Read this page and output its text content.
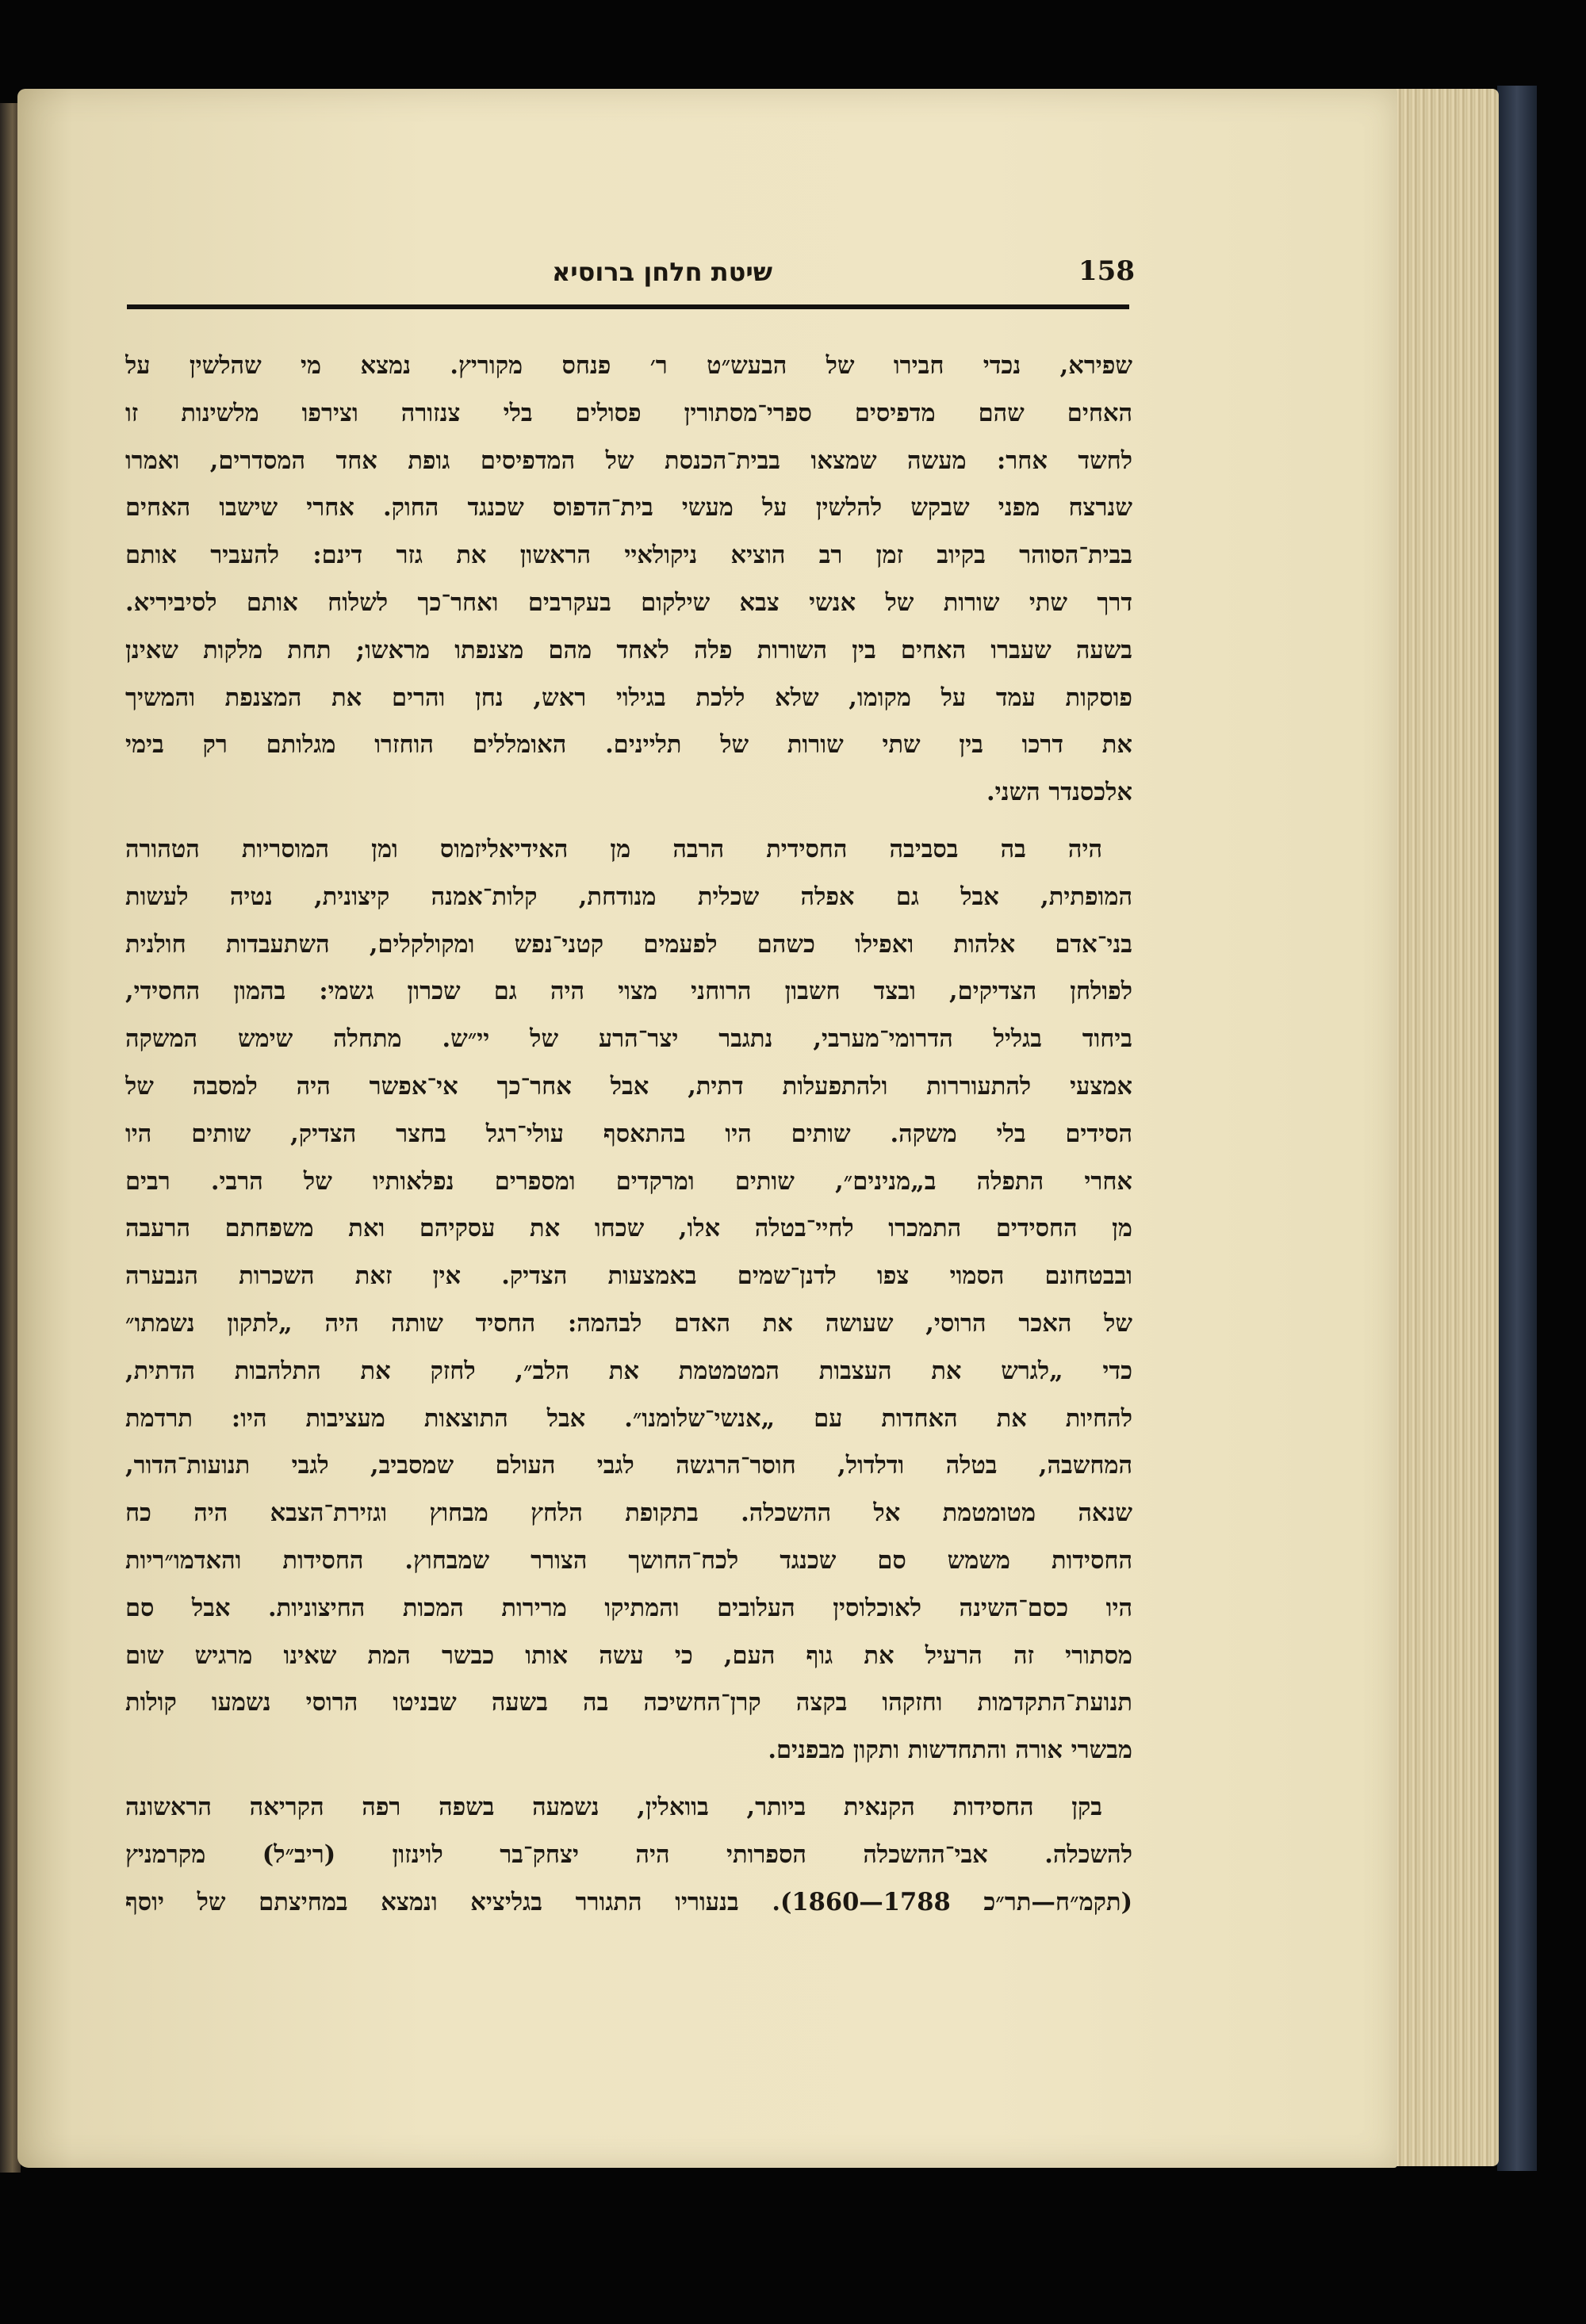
158
שיטת חלחן ברוסיא
שפירא, נכדי חבירו של הבעש״ט ר׳ פנחס מקוריץ. נמצא מי שהלשין על
האחים שהם מדפיסים ספרי־מסתורין פסולים בלי צנזורה וצירפו מלשינות זו
לחשד אחר: מעשה שמצאו בבית־הכנסת של המדפיסים גופת אחד המסדרים, ואמרו
שנרצח מפני שבקש להלשין על מעשי בית־הדפוס שכנגד החוק. אחרי שישבו האחים
בבית־הסוהר בקיוב זמן רב הוציא ניקולאיי הראשון את גזר דינם: להעביר אותם
דרך שתי שורות של אנשי צבא שילקום בעקרבים ואחר־כך לשלוח אותם לסיביריא.
בשעה שעברו האחים בין השורות פלה לאחד מהם מצנפתו מראשו; תחת מלקות שאינן
פוסקות עמד על מקומו, שלא ללכת בגילוי ראש, נחן והרים את המצנפת והמשיך
את דרכו בין שתי שורות של תליינים. האומללים הוחזרו מגלותם רק בימי
אלכסנדר השני.
היה בה בסביבה החסידית הרבה מן האידיאליזמוס ומן המוסריות הטהורה
המופתית, אבל גם אפלה שכלית מנודחת, קלות־אמנה קיצונית, נטיה לעשות
בני־אדם אלהות ואפילו כשהם לפעמים קטני־נפש ומקולקלים, השתעבדות חולנית
לפולחן הצדיקים, ובצד חשבון הרוחני מצוי היה גם שכרון גשמי: בהמון החסידי,
ביחוד בגליל הדרומי־מערבי, נתגבר יצר־הרע של יי״ש. מתחלה שימש המשקה
אמצעי להתעוררות ולהתפעלות דתית, אבל אחר־כך אי־אפשר היה למסבה של
הסידים בלי משקה. שותים היו בהתאסף עולי־רגל בחצר הצדיק, שותים היו
אחרי התפלה ב„מנינים״, שותים ומרקדים ומספרים נפלאותיו של הרבי. רבים
מן החסידים התמכרו לחיי־בטלה אלו, שכחו את עסקיהם ואת משפחתם הרעבה
ובבטחונם הסמוי צפו לדנן־שמים באמצעות הצדיק. אין זאת השכרות הנבערה
של האכר הרוסי, שעושה את האדם לבהמה: החסיד שותה היה „לתקון נשמתו״
כדי „לגרש את העצבות המטמטמת את הלב״, לחזק את התלהבות הדתית,
להחיות את האחדות עם „אנשי־שלומנו״. אבל התוצאות מעציבות היו: תרדמת
המחשבה, בטלה ודלדול, חוסר־הרגשה לגבי העולם שמסביב, לגבי תנועות־הדור,
שנאה מטומטמת אל ההשכלה. בתקופת הלחץ מבחוץ וגזירת־הצבא היה כח
החסידות משמש סם שכנגד לכח־החושך הצורר שמבחוץ. החסידות והאדמו״ריות
היו כסם־השינה לאוכלוסין העלובים והמתיקו מרירות המכות החיצוניות. אבל סם
מסתורי זה הרעיל את גוף העם, כי עשה אותו כבשר המת שאינו מרגיש שום
תנועת־התקדמות וחזקהו בקצה קרן־החשיכה בה בשעה שבניטו הרוסי נשמעו קולות
מבשרי אורה והתחדשות ותקון מבפנים.
בקן החסידות הקנאית ביותר, בוואלין, נשמעה בשפה רפה הקריאה הראשונה
להשכלה. אבי־ההשכלה הספרותי היה יצחק־בר לוינזון (ריב״ל) מקרמניץ
(תקמ״ח—תר״כ 1788—1860). בנעוריו התגורר בגליציא ונמצא במחיצתם של יוסף
